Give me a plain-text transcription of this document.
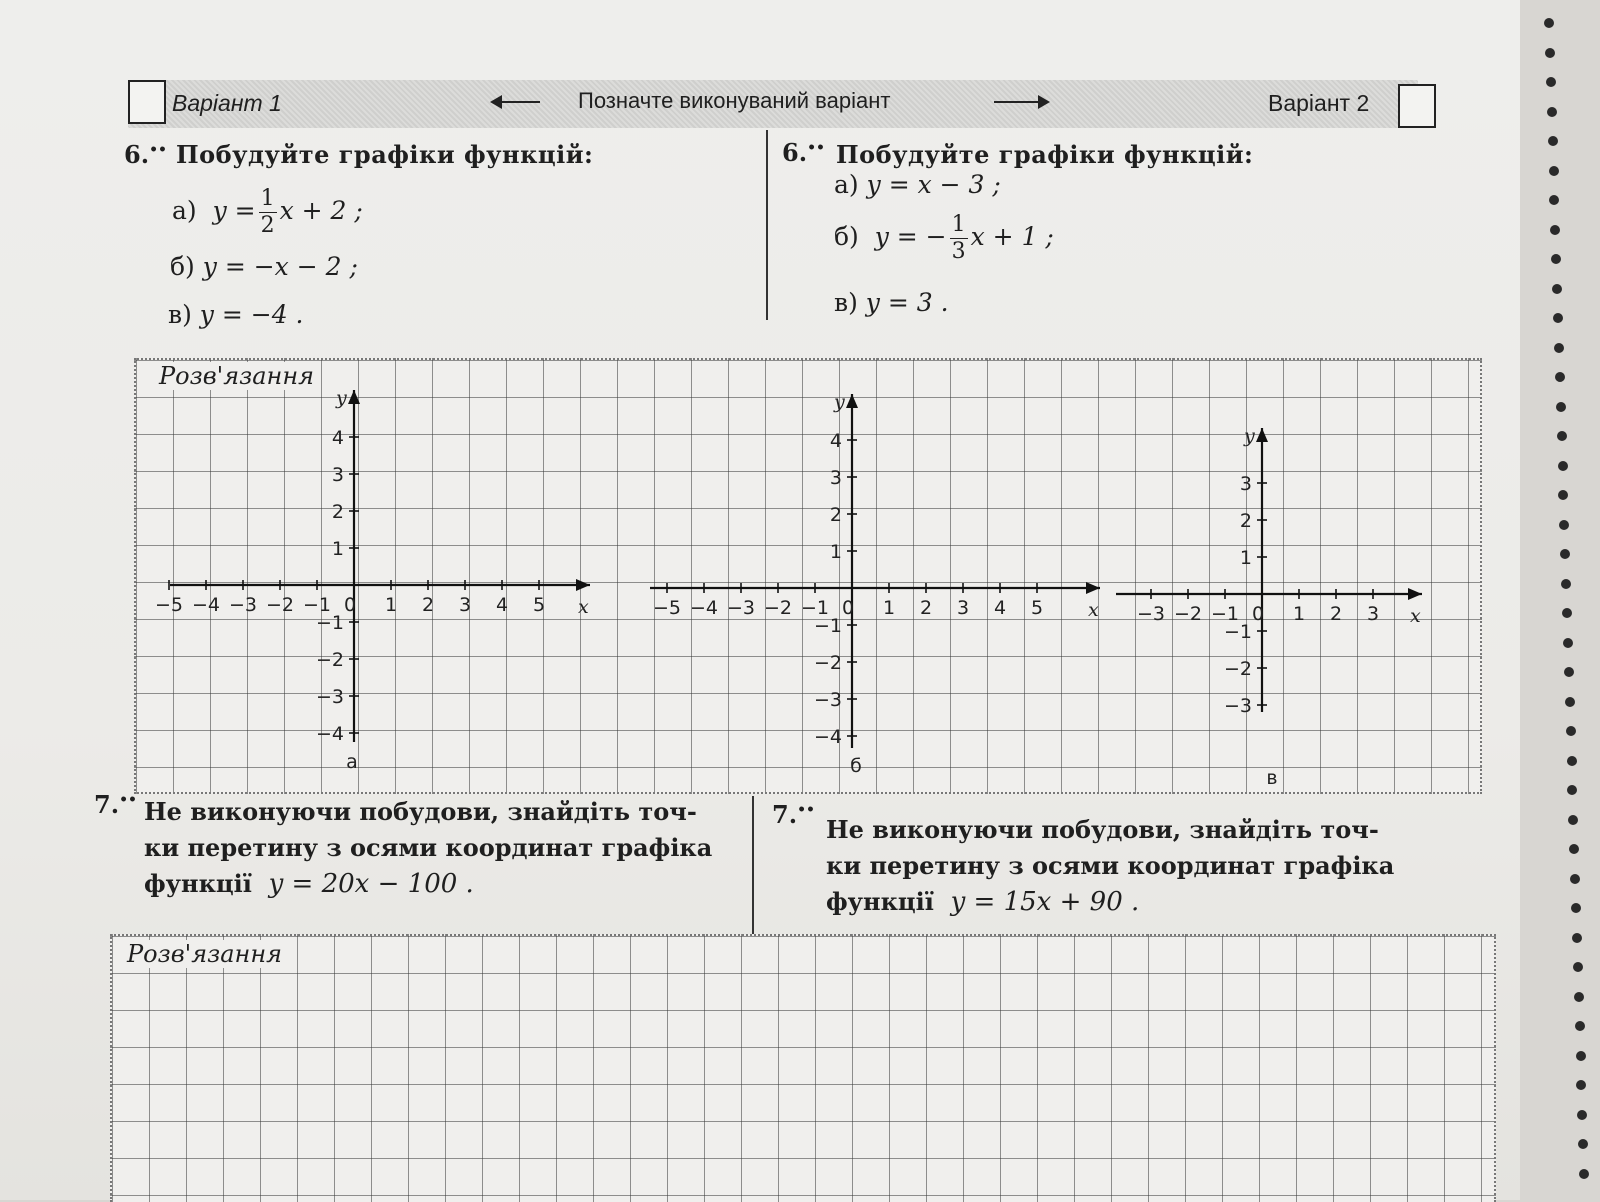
Варіант 1	Позначте виконуваний варіант	Варіант 2
6.•• Побудуйте графіки функцій:
а) $y = \frac{1}{2}$ x + 2 ;
б) y = −x − 2 ;
в) y = −4 .
6.•• Побудуйте графіки функцій:
а) y = x − 3 ;
б) y = − $\frac{1}{3}$ x + 1 ;
в) y = 3 .
Розв'язання
−5 −4 −3 −2 −1 0 1 2 3 4 5
4
3
2
1
−1
−2
−3
−4
x
y
а
−5 −4 −3 −2 −1 0 1 2 3 4 5
4
3
2
1
−1
−2
−3
−4
x
y
б
−3 −2 −1 0 1 2 3
3
2
1
−1
−2
−3
x
y
в
7.•• Не виконуючи побудови, знайдіть точ-
ки перетину з осями координат графіка
функції y = 20x − 100 .
7.••
Не виконуючи побудови, знайдіть точ-
ки перетину з осями координат графіка
функції y = 15x + 90 .
Розв'язання
